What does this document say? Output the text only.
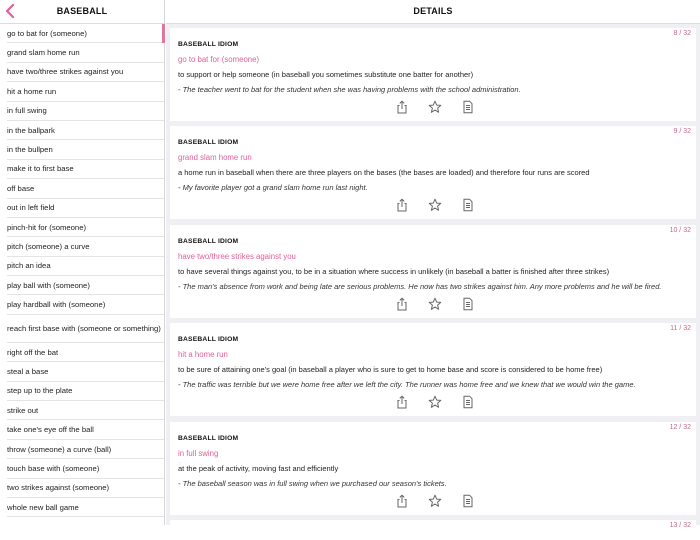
BASEBALL
go to bat for (someone)
grand slam home run
have two/three strikes against you
hit a home run
in full swing
in the ballpark
in the bullpen
make it to first base
off base
out in left field
pinch-hit for (someone)
pitch (someone) a curve
pitch an idea
play ball with (someone)
play hardball with (someone)
reach first base with (someone or something)
right off the bat
steal a base
step up to the plate
strike out
take one's eye off the ball
throw (someone) a curve (ball)
touch base with (someone)
two strikes against (someone)
whole new ball game
DETAILS
8 / 32
BASEBALL IDIOM
go to bat for (someone)
to support or help someone (in baseball you sometimes substitute one batter for another)
- The teacher went to bat for the student when she was having problems with the school administration.
9 / 32
BASEBALL IDIOM
grand slam home run
a home run in baseball when there are three players on the bases (the bases are loaded) and therefore four runs are scored
- My favorite player got a grand slam home run last night.
10 / 32
BASEBALL IDIOM
have two/three strikes against you
to have several things against you, to be in a situation where success in unlikely (in baseball a batter is finished after three strikes)
- The man's absence from work and being late are serious problems. He now has two strikes against him. Any more problems and he will be fired.
11 / 32
BASEBALL IDIOM
hit a home run
to be sure of attaining one's goal (in baseball a player who is sure to get to home base and score is considered to be home free)
- The traffic was terrible but we were home free after we left the city. The runner was home free and we knew that we would win the game.
12 / 32
BASEBALL IDIOM
in full swing
at the peak of activity, moving fast and efficiently
- The baseball season was in full swing when we purchased our season's tickets.
13 / 32
